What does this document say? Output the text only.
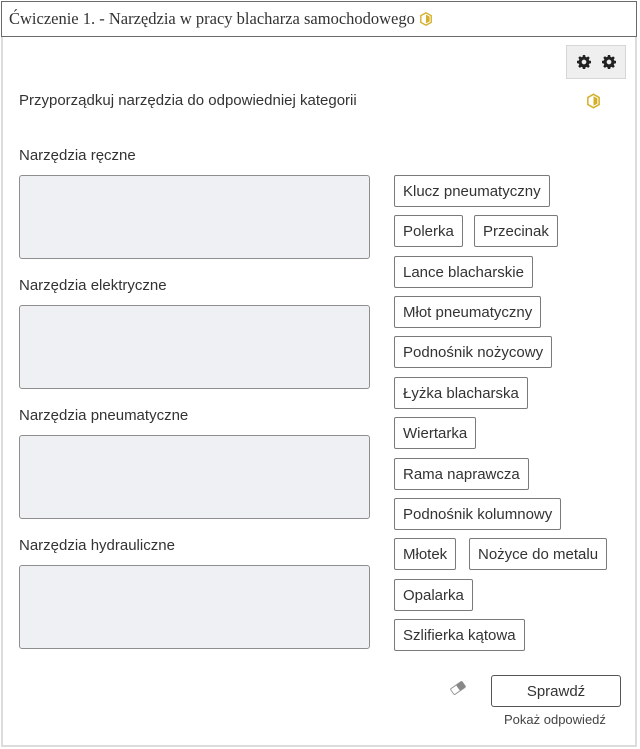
Ćwiczenie 1. - Narzędzia w pracy blacharza samochodowego
Przyporządkuj narzędzia do odpowiedniej kategorii
Narzędzia ręczne
Narzędzia elektryczne
Narzędzia pneumatyczne
Narzędzia hydrauliczne
Klucz pneumatyczny
Polerka	Przecinak
Lance blacharskie
Młot pneumatyczny
Podnośnik nożycowy
Łyżka blacharska
Wiertarka
Rama naprawcza
Podnośnik kolumnowy
Młotek	Nożyce do metalu
Opalarka
Szlifierka kątowa
Sprawdź
Pokaż odpowiedź
